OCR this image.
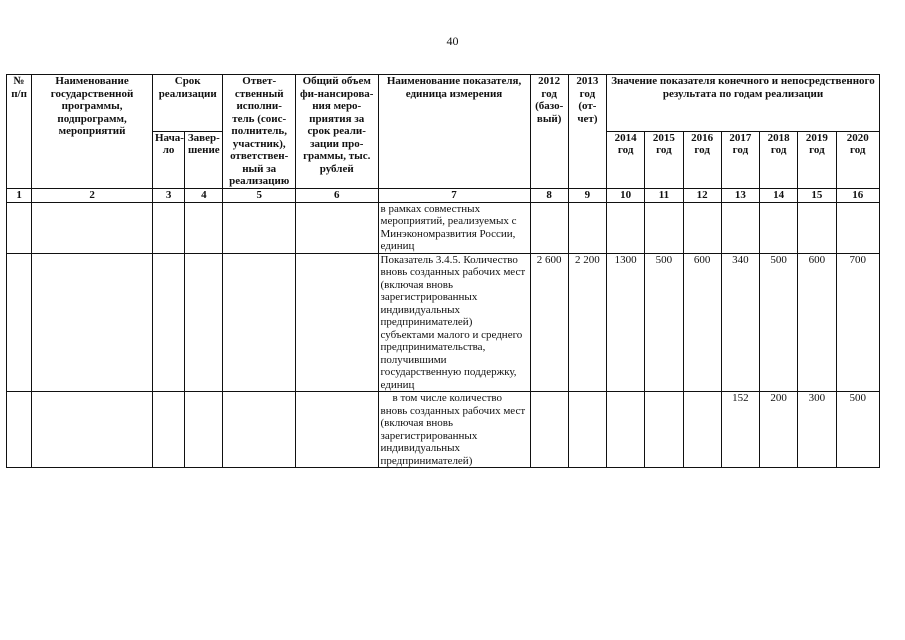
40
№ п/п	Наименование государственной программы, подпрограмм, мероприятий	Срок реализации		Ответ-ственный исполни-тель (соис-полнитель, участник), ответствен-ный за реализацию	Общий объем фи-нансирова-ния меро-приятия за срок реали-зации про-граммы, тыс. рублей	Наименование показателя, единица измерения	2012 год (базо-вый)	2013 год (от-чет)	Значение показателя конечного и непосредственного результата по годам реализации						
		Нача-ло	Завер-шение						2014 год	2015 год	2016 год	2017 год	2018 год	2019 год	2020 год
1	2	3	4	5	6	7	8	9	10	11	12	13	14	15	16
						в рамках совместных мероприятий, реализуемых с Минэкономразвития России, единиц									
						Показатель 3.4.5. Количество вновь созданных рабочих мест (включая вновь зарегистрированных индивидуальных предпринимателей) субъектами малого и среднего предпринимательства, получившими государственную поддержку, единиц	2 600	2 200	1300	500	600	340	500	600	700
						в том числе количество вновь созданных рабочих мест (включая вновь зарегистрированных индивидуальных предпринимателей)						152	200	300	500
